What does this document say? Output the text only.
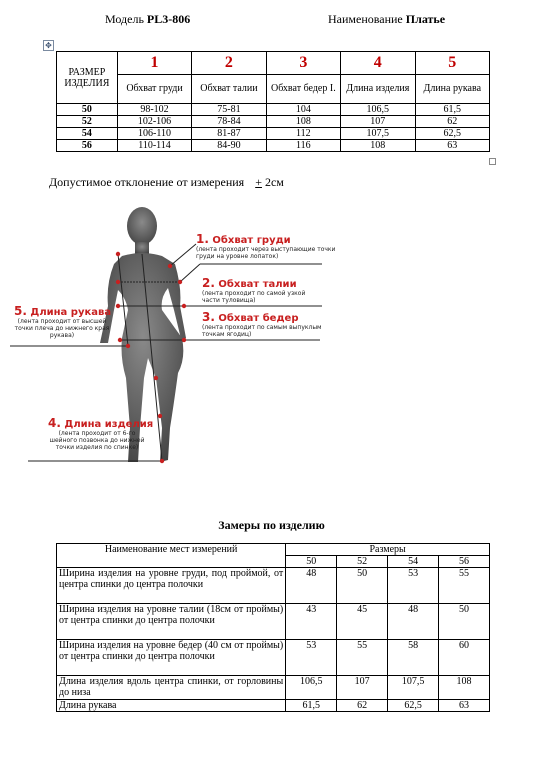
Модель PL3-806	Наименование Платье
✥
РАЗМЕР ИЗДЕЛИЯ	1	2	3	4	5
	Обхват груди	Обхват талии	Обхват бедер I.	Длина изделия	Длина рукава
50	98-102	75-81	104	106,5	61,5
52	102-106	78-84	108	107	62
54	106-110	81-87	112	107,5	62,5
56	110-114	84-90	116	108	63
Допустимое отклонение от измерения + 2см
1. Обхват груди
(лента проходит через выступающие точки груди на уровне лопаток)
2. Обхват талии
(лента проходит по самой узкой части туловища)
3. Обхват бедер
(лента проходит по самым выпуклым точкам ягодиц)
5. Длина рукава
(лента проходит от высшей точки плеча до нижнего края рукава)
4. Длина изделия
(лента проходит от 6-го шейного позвонка до нижней точки изделия по спинке)
Замеры по изделию
Наименование мест измерений	Размеры			
	50	52	54	56
Ширина изделия на уровне груди, под проймой, от центра спинки до центра полочки	48	50	53	55
Ширина изделия на уровне талии (18см от проймы) от центра спинки до центра полочки	43	45	48	50
Ширина изделия на уровне бедер (40 см от проймы) от центра спинки до центра полочки	53	55	58	60
Длина изделия вдоль центра спинки, от горловины до низа	106,5	107	107,5	108
Длина рукава	61,5	62	62,5	63
